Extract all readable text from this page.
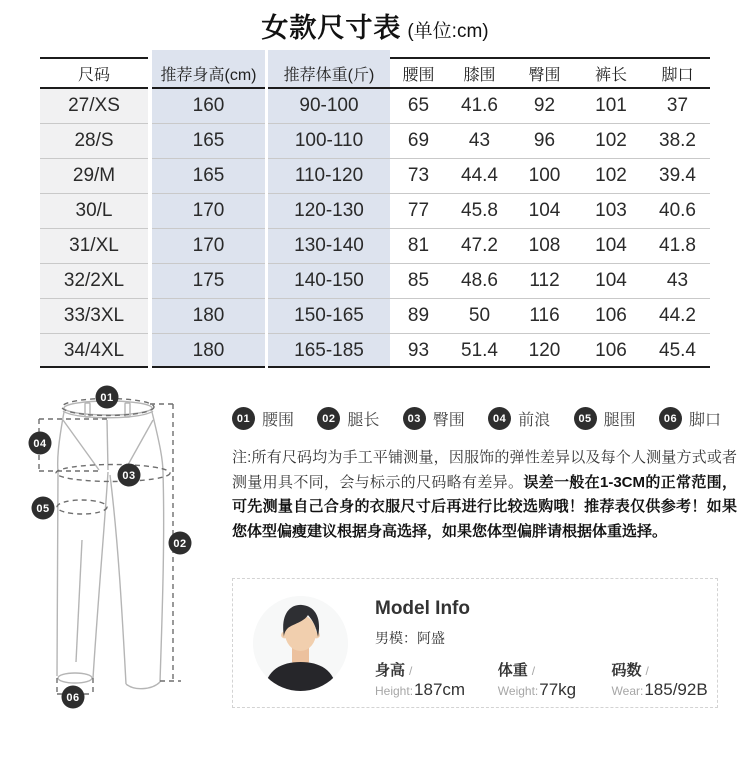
女款尺寸表 (单位:cm)
尺码	推荐身高(cm)	推荐体重(斤)	腰围	膝围	臀围	裤长	脚口
27/XS	160	90-100	65	41.6	92	101	37
28/S	165	100-110	69	43	96	102	38.2
29/M	165	110-120	73	44.4	100	102	39.4
30/L	170	120-130	77	45.8	104	103	40.6
31/XL	170	130-140	81	47.2	108	104	41.8
32/2XL	175	140-150	85	48.6	112	104	43
33/3XL	180	150-165	89	50	116	106	44.2
34/4XL	180	165-185	93	51.4	120	106	45.4
01
04
03
05
02
06
01 腰围	02 腿长	03 臀围	04 前浪	05 腿围	06 脚口
注:所有尺码均为手工平铺测量，因服饰的弹性差异以及每个人测量方式或者测量用具不同，会与标示的尺码略有差异。误差一般在1-3CM的正常范围，可先测量自己合身的衣服尺寸后再进行比较选购哦！推荐表仅供参考！如果您体型偏瘦建议根据身高选择，如果您体型偏胖请根据体重选择。
Model Info
男模：阿盛
身高 / Height:187cm
体重 / Weight:77kg
码数 / Wear:185/92B
